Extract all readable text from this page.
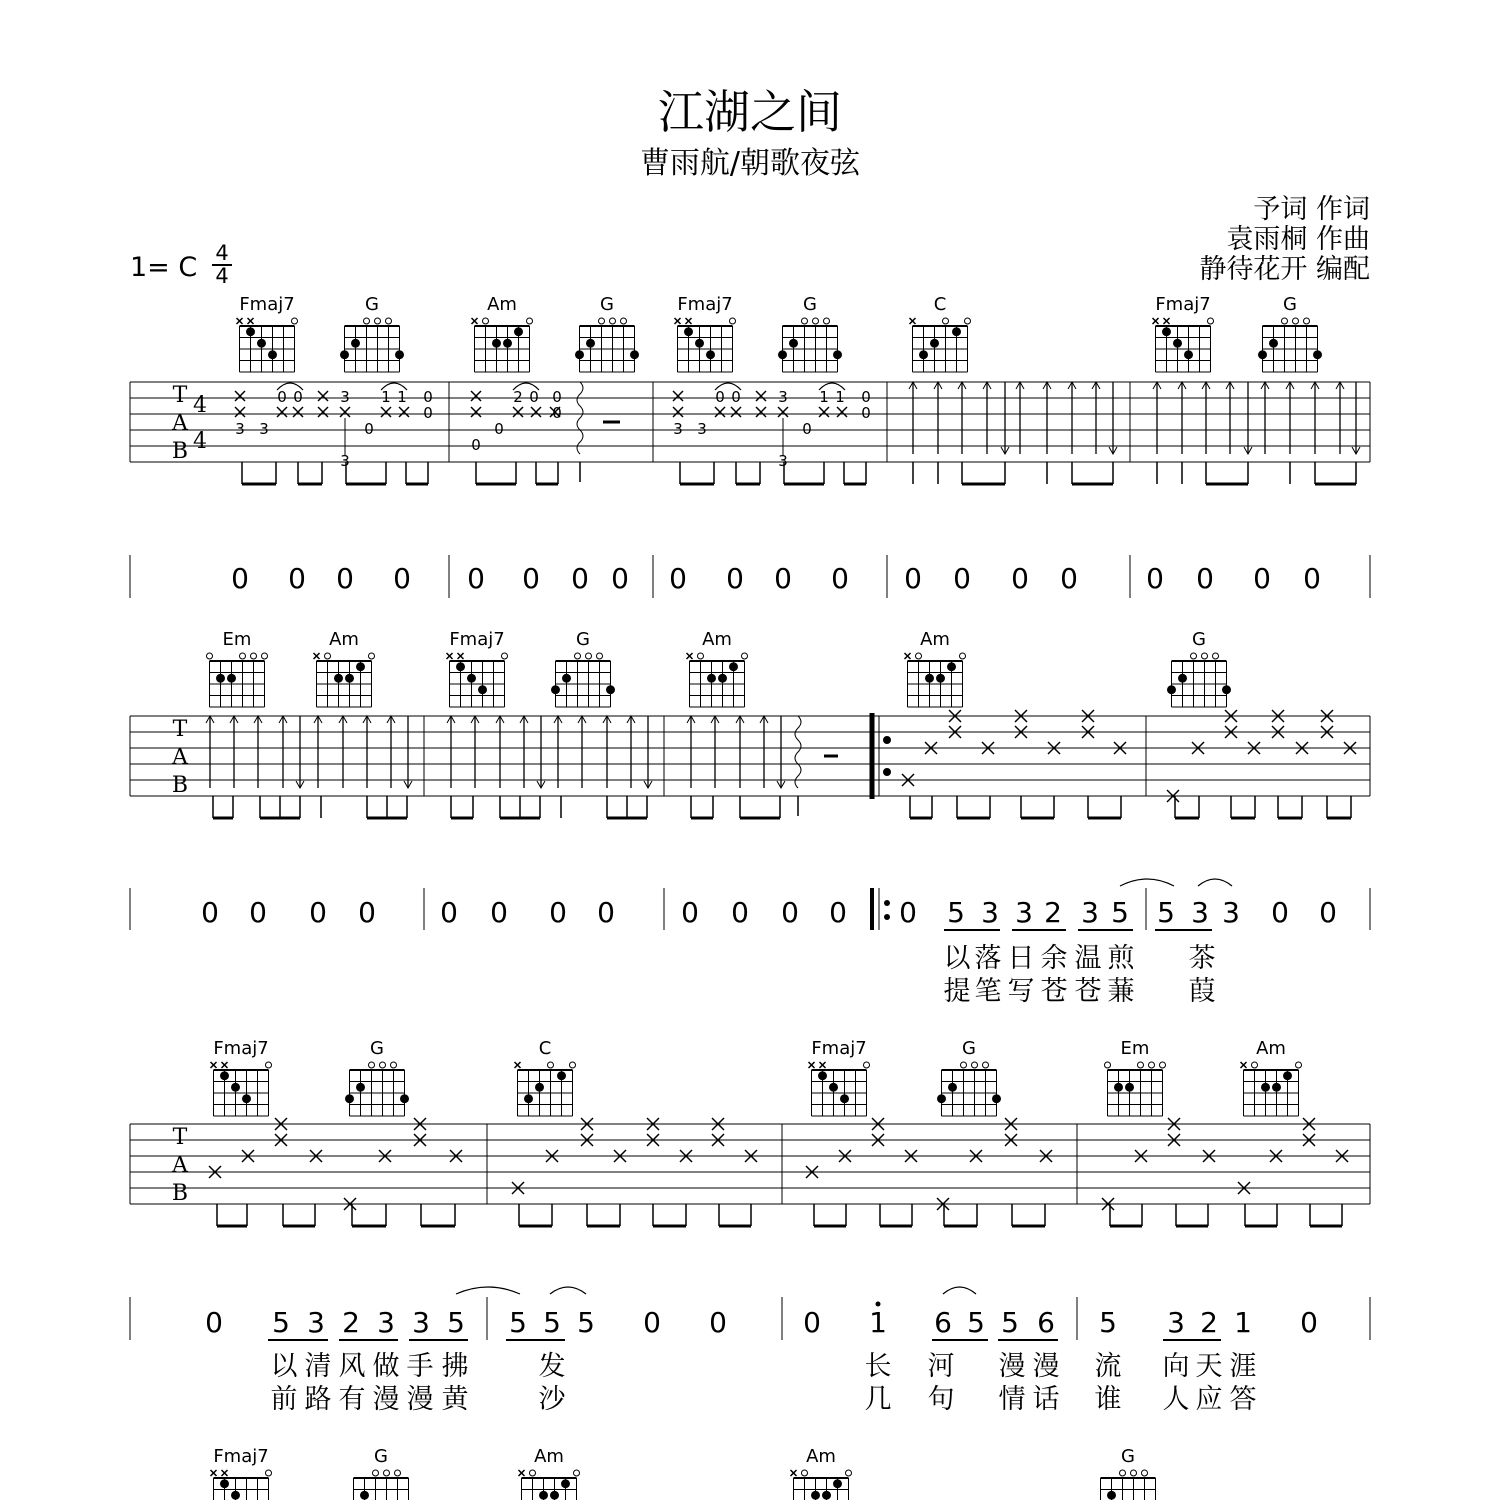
江湖之间
曹雨航/朝歌夜弦
予词 作词
袁雨桐 作曲
静待花开 编配
1= C 4
4
Fmaj7	G	Am	G	Fmaj7	G	C	Fmaj7	G
T
A
B
4
4 3 3
0 0 3
0
3
1 1 0
0
3 3
0 0 3
0
3
1 1 0
0
0
0
2 0 0
0
0 0 0 0 0 0 0 0 0 0 0 0 0 0 0 0 0 0 0 0
Em	Am	Fmaj7	G	Am	Am	G
T
A
B
0 0 0 0 0 0 0 0 0 0 0 0 0 5 3 3 2 3 5 5 3 3 0 0
以 落 日 余 温 煎 茶
提 笔 写 苍 苍 蒹 葭
Fmaj7	G	C	Fmaj7	G	Em	Am
T
A
B
0 5 3 2 3 3 5 5 5 5 0 0	0 1 6 5 5 6 5 3 2 1 0
以 清 风 做 手 拂	发	长 河 漫 漫 流 向 天 涯
前 路 有 漫 漫 黄	沙	几 句 情 话 谁 人 应 答
Fmaj7	G	Am	Am	G
